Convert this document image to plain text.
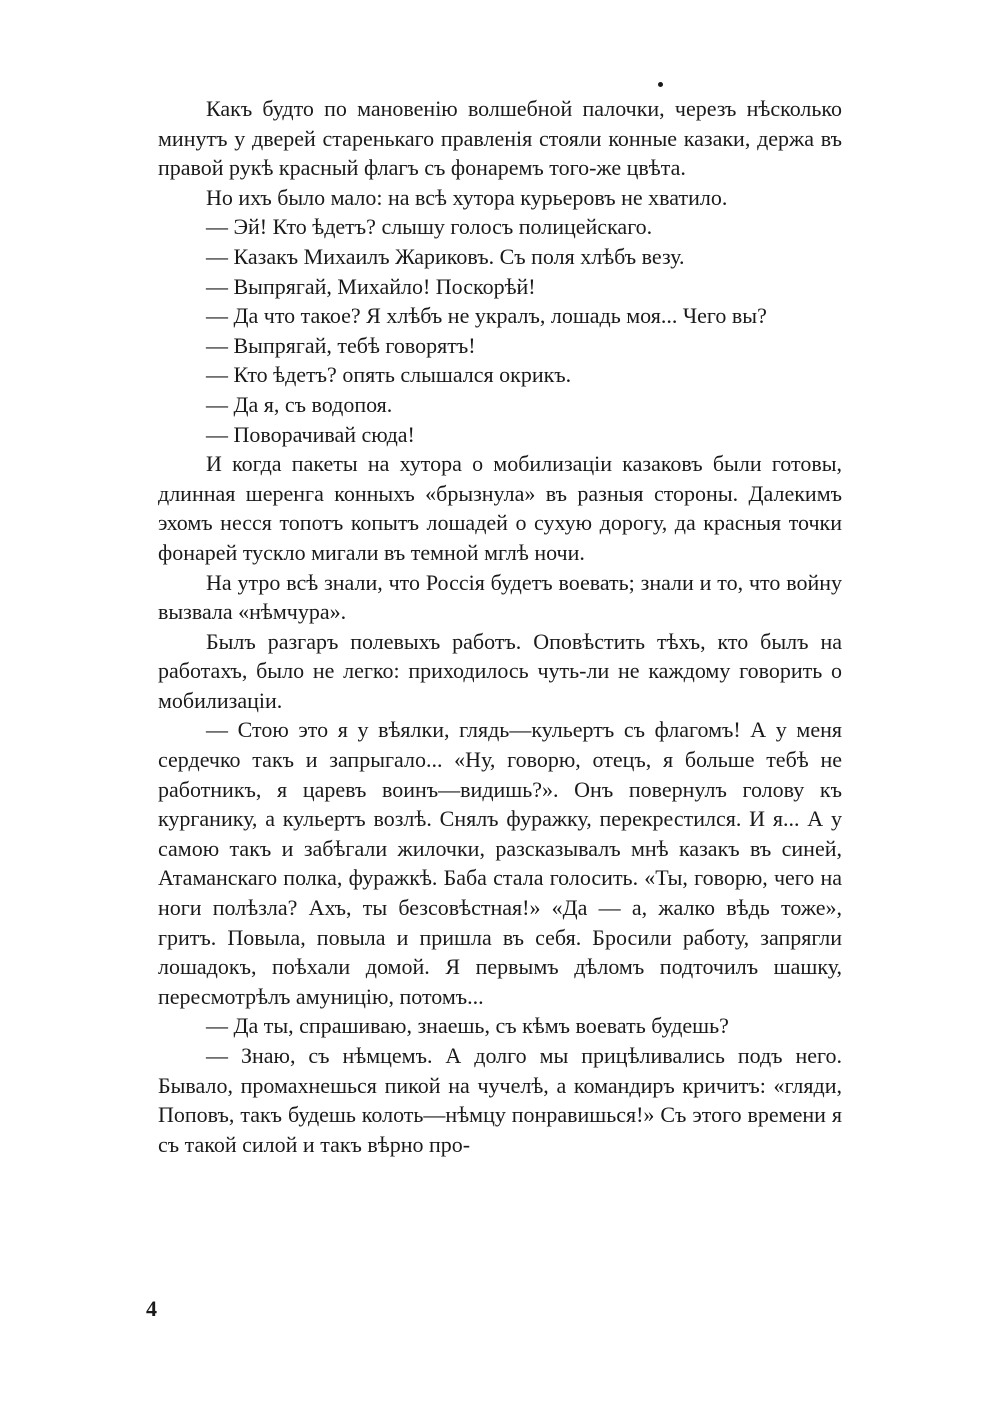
Какъ будто по мановенію волшебной палочки, черезъ нѣсколько минутъ у дверей старенькаго правленія стояли конные казаки, держа въ правой рукѣ красный флагъ съ фонаремъ того-же цвѣта.

Но ихъ было мало: на всѣ хутора курьеровъ не хватило.

— Эй! Кто ѣдетъ? слышу голосъ полицейскаго.

— Казакъ Михаилъ Жариковъ. Съ поля хлѣбъ везу.

— Выпрягай, Михайло! Поскорѣй!

— Да что такое? Я хлѣбъ не укралъ, лошадь моя... Чего вы?

— Выпрягай, тебѣ говорятъ!

— Кто ѣдетъ? опять слышался окрикъ.

— Да я, съ водопоя.

— Поворачивай сюда!

И когда пакеты на хутора о мобилизаціи казаковъ были готовы, длинная шеренга конныхъ «брызнула» въ разныя стороны. Далекимъ эхомъ несся топотъ копытъ лошадей о сухую дорогу, да красныя точки фонарей тускло мигали въ темной мглѣ ночи.

На утро всѣ знали, что Россія будетъ воевать; знали и то, что войну вызвала «нѣмчура».

Былъ разгаръ полевыхъ работъ. Оповѣстить тѣхъ, кто былъ на работахъ, было не легко: приходилось чуть-ли не каждому говорить о мобилизаціи.

— Стою это я у вѣялки, глядь—кульертъ съ флагомъ! А у меня сердечко такъ и запрыгало... «Ну, говорю, отецъ, я больше тебѣ не работникъ, я царевъ воинъ—видишь?». Онъ повернулъ голову къ курганику, а кульертъ возлѣ. Снялъ фуражку, перекрестился. И я... А у самою такъ и забѣгали жилочки, разсказывалъ мнѣ казакъ въ синей, Атаманскаго полка, фуражкѣ. Баба стала голосить. «Ты, говорю, чего на ноги полѣзла? Ахъ, ты безсовѣстная!» «Да — а, жалко вѣдь тоже», гритъ. Повыла, повыла и пришла въ себя. Бросили работу, запрягли лошадокъ, поѣхали домой. Я первымъ дѣломъ подточилъ шашку, пересмотрѣлъ амуницію, потомъ...

— Да ты, спрашиваю, знаешь, съ кѣмъ воевать будешь?

— Знаю, съ нѣмцемъ. А долго мы прицѣливались подъ него. Бывало, промахнешься пикой на чучелѣ, а командиръ кричитъ: «гляди, Поповъ, такъ будешь колоть—нѣмцу понравишься!» Съ этого времени я съ такой силой и такъ вѣрно про-

4
